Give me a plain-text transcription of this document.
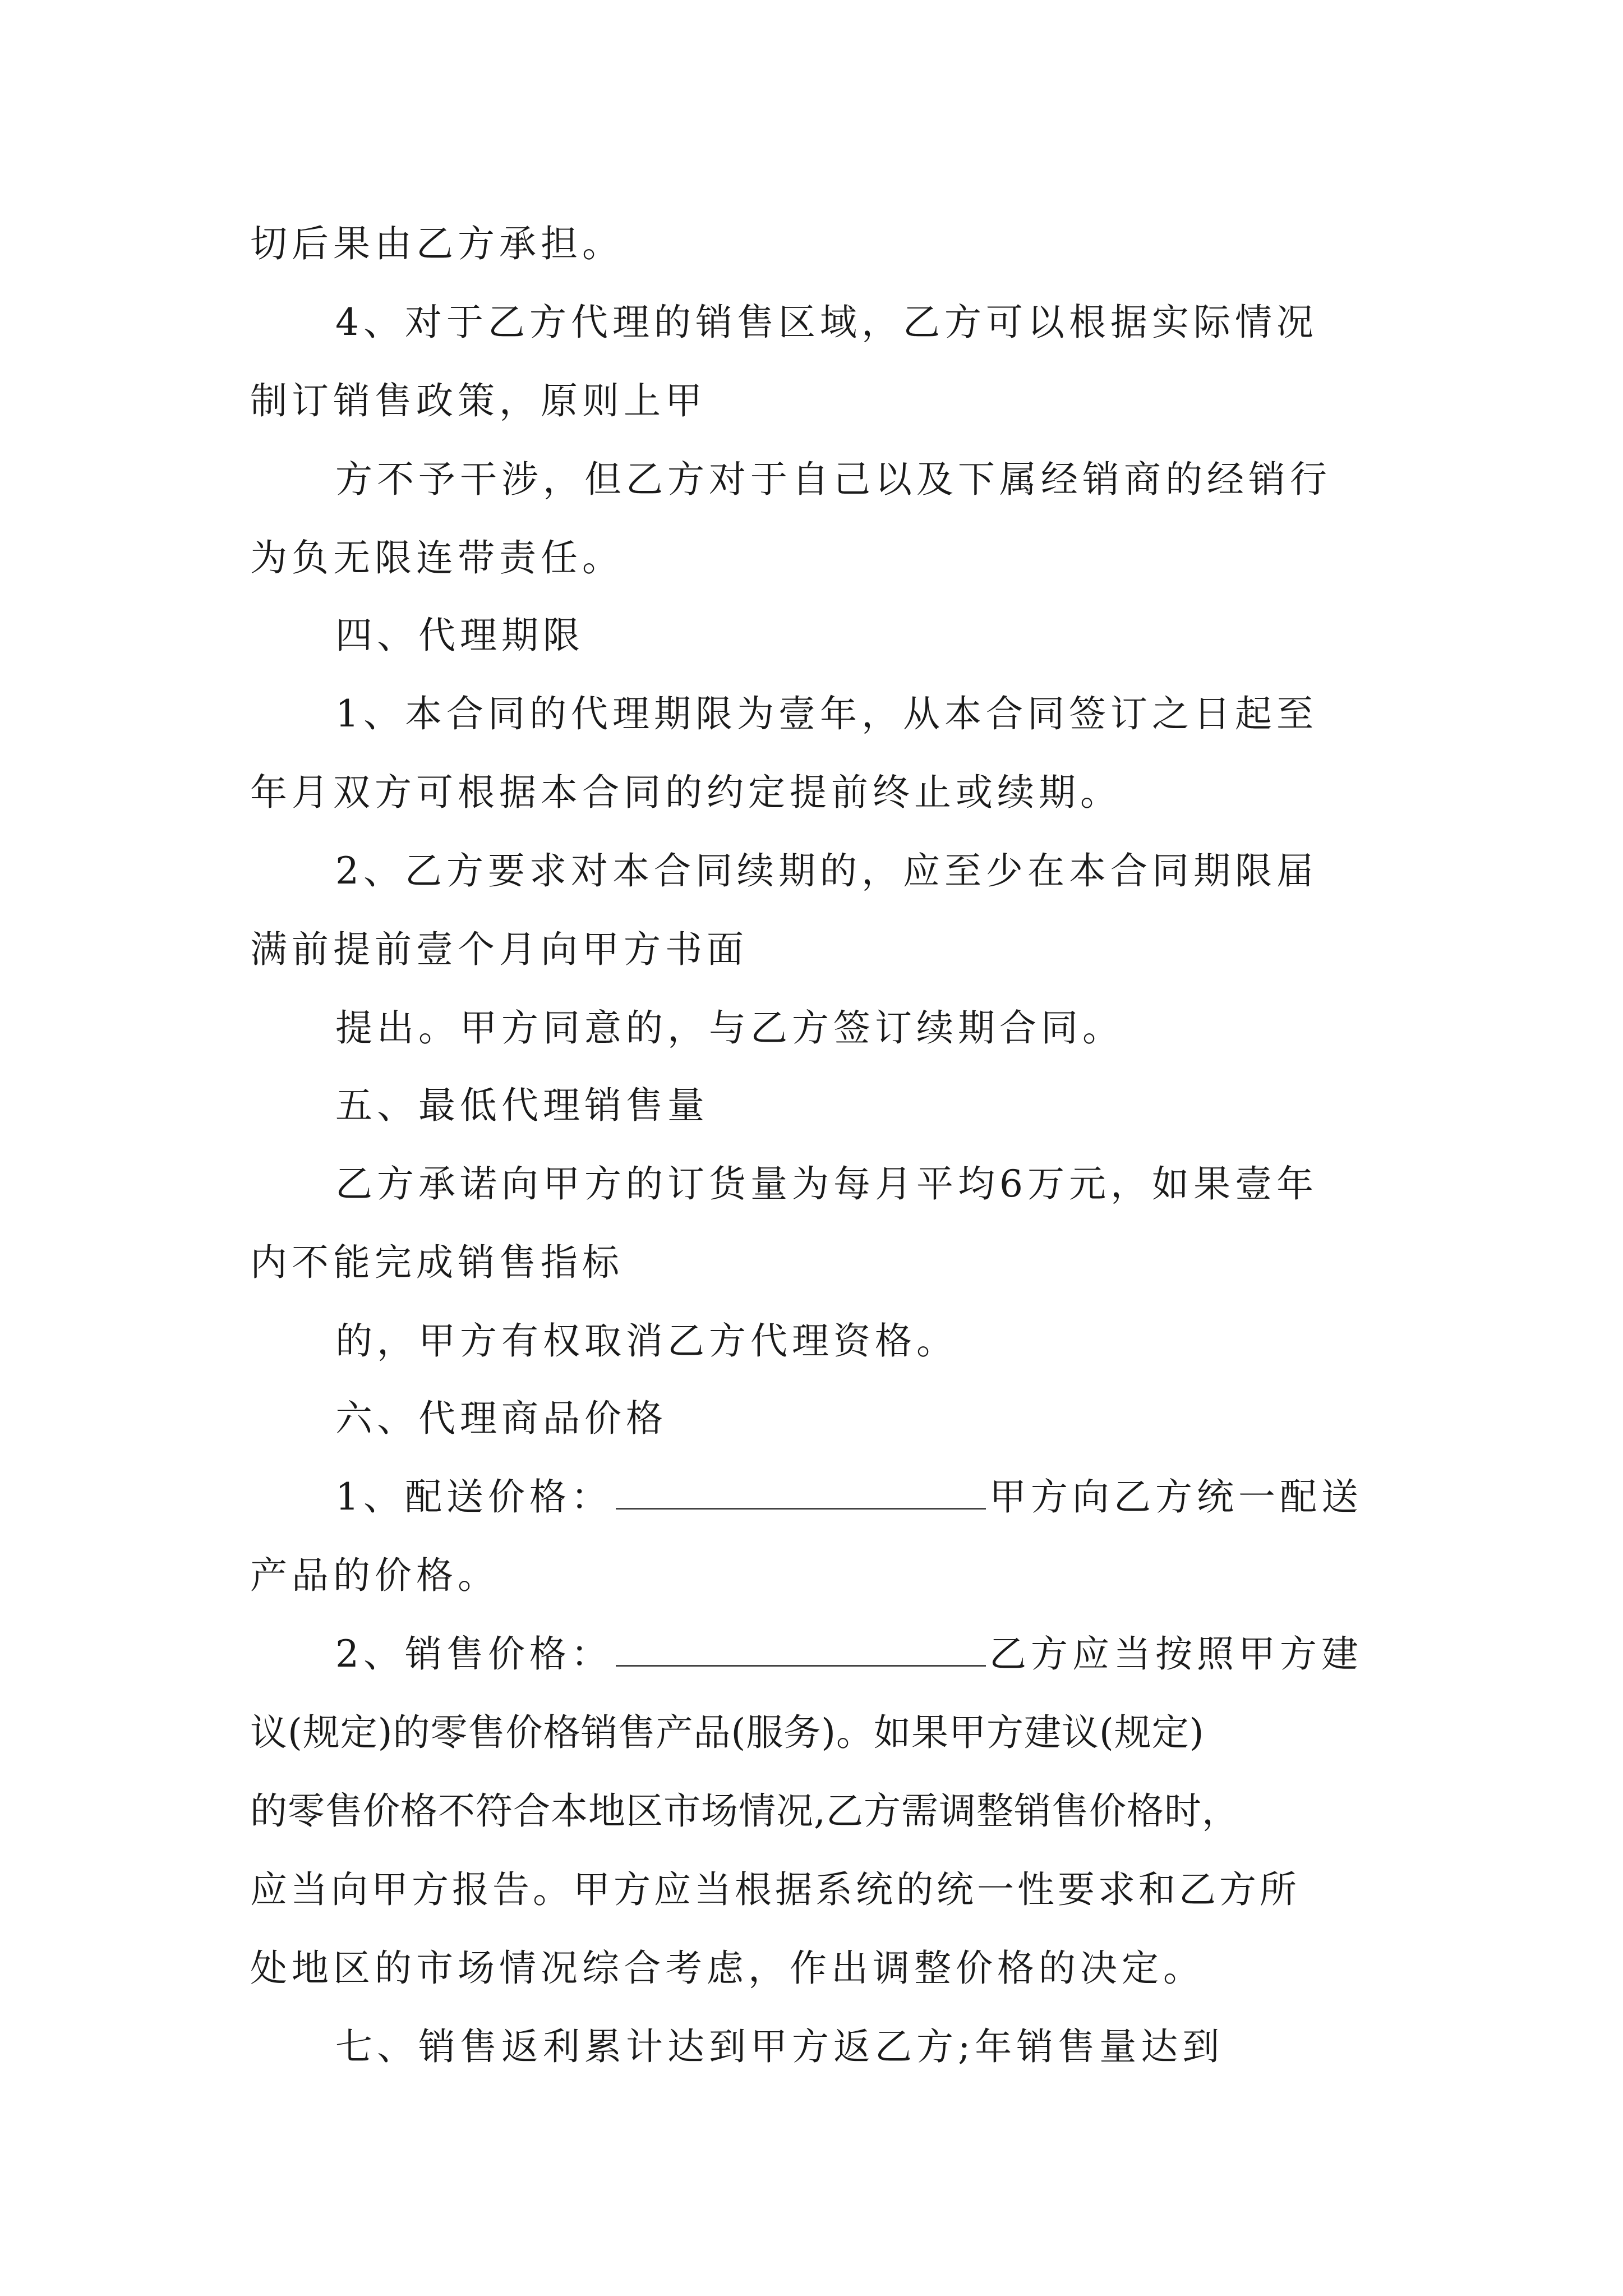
切后果由乙方承担。
4、对于乙方代理的销售区域，乙方可以根据实际情况
制订销售政策，原则上甲
方不予干涉，但乙方对于自己以及下属经销商的经销行
为负无限连带责任。
四、代理期限
1、本合同的代理期限为壹年，从本合同签订之日起至
年月双方可根据本合同的约定提前终止或续期。
2、乙方要求对本合同续期的，应至少在本合同期限届
满前提前壹个月向甲方书面
提出。甲方同意的，与乙方签订续期合同。
五、最低代理销售量
乙方承诺向甲方的订货量为每月平均6万元，如果壹年
内不能完成销售指标
的，甲方有权取消乙方代理资格。
六、代理商品价格
1、配送价格：	甲方向乙方统一配送
产品的价格。
2、销售价格：	乙方应当按照甲方建
议(规定)的零售价格销售产品(服务)。如果甲方建议(规定)
的零售价格不符合本地区市场情况,乙方需调整销售价格时，
应当向甲方报告。甲方应当根据系统的统一性要求和乙方所
处地区的市场情况综合考虑，作出调整价格的决定。
七、销售返利累计达到甲方返乙方;年销售量达到
